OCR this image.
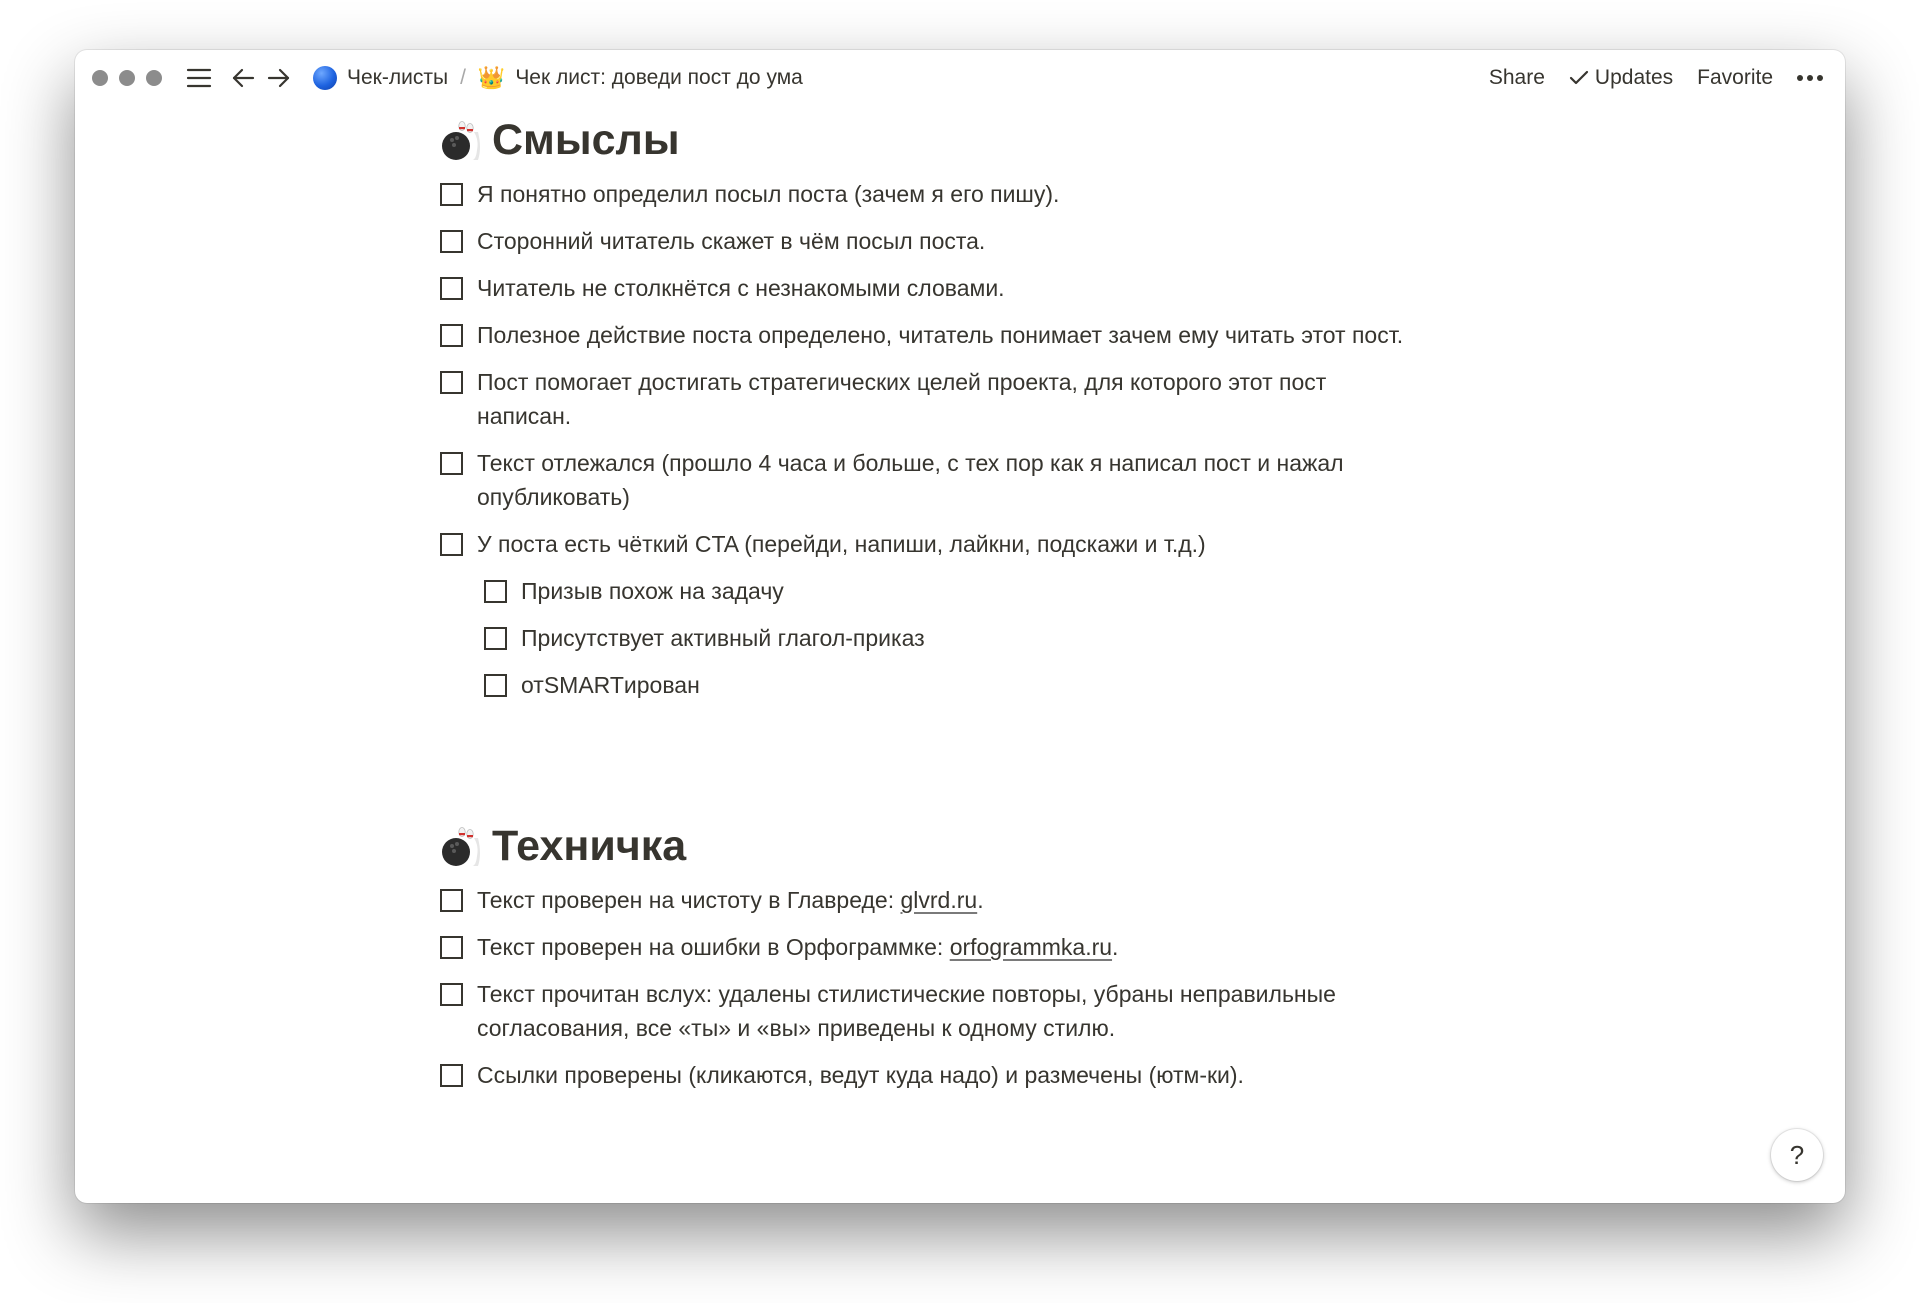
Чек-листы / 👑 Чек лист: доведи пост до ума	Share Updates Favorite
Смыслы
Я понятно определил посыл поста (зачем я его пишу).
Сторонний читатель скажет в чём посыл поста.
Читатель не столкнётся с незнакомыми словами.
Полезное действие поста определено, читатель понимает зачем ему читать этот пост.
Пост помогает достигать стратегических целей проекта, для которого этот пост написан.
Текст отлежался (прошло 4 часа и больше, с тех пор как я написал пост и нажал опубликовать)
У поста есть чёткий CTA (перейди, напиши, лайкни, подскажи и т.д.)
Призыв похож на задачу
Присутствует активный глагол-приказ
отSMARTирован
Техничка
Текст проверен на чистоту в Главреде: glvrd.ru.
Текст проверен на ошибки в Орфограммке: orfogrammka.ru.
Текст прочитан вслух: удалены стилистические повторы, убраны неправильные согласования, все «ты» и «вы» приведены к одному стилю.
Ссылки проверены (кликаются, ведут куда надо) и размечены (ютм-ки).
?
